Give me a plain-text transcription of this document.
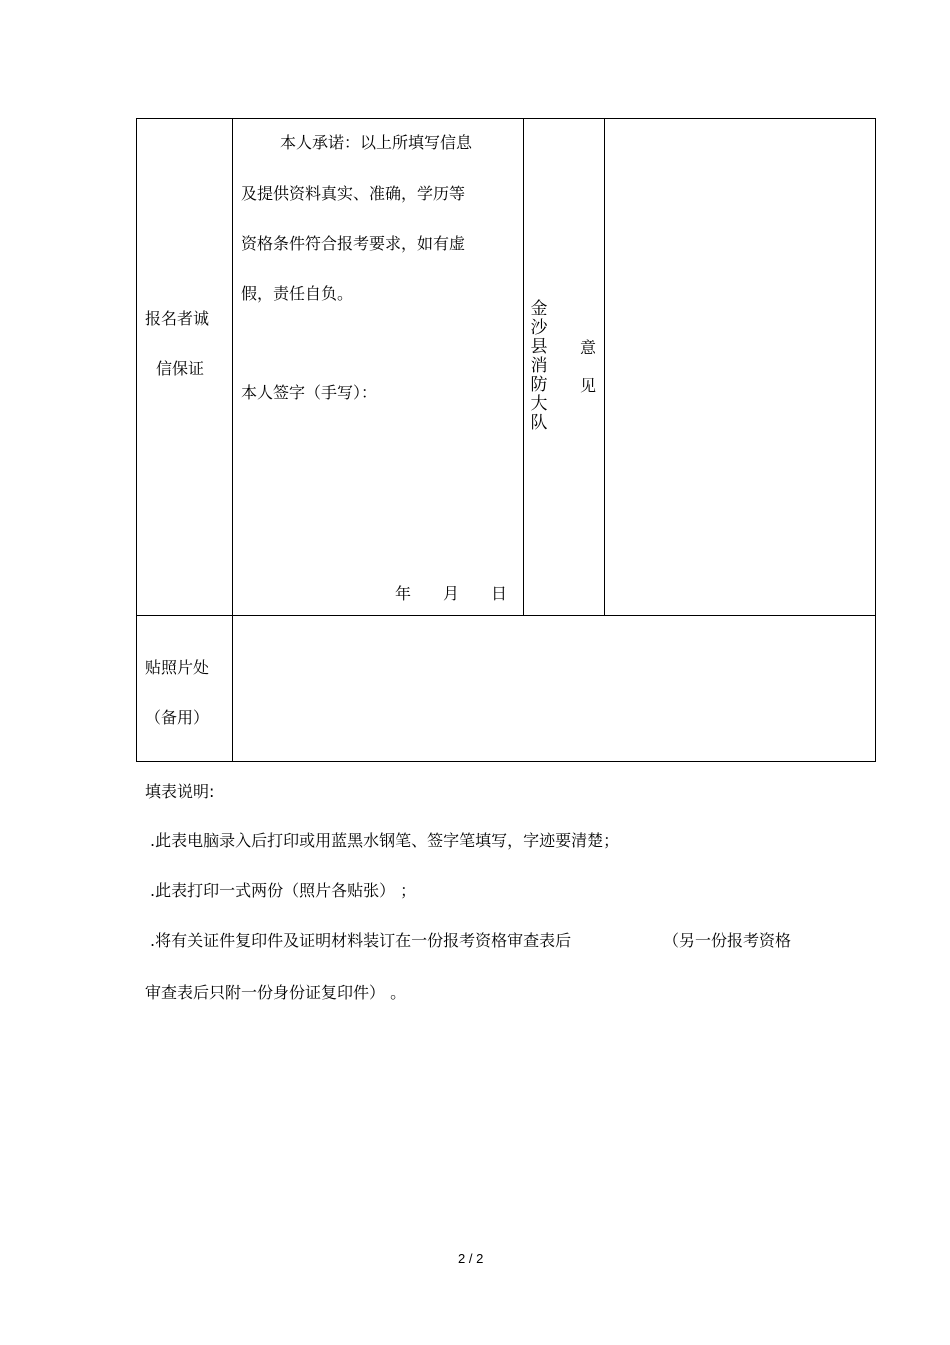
报名者诚
信保证
本人承诺：以上所填写信息
及提供资料真实、准确，学历等
资格条件符合报考要求，如有虚
假，责任自负。
本人签字（手写）：
年 月 日
金
沙
县
消
防
大
队
意
见
贴照片处
（备用）
填表说明:
.此表电脑录入后打印或用蓝黑水钢笔、签字笔填写，字迹要清楚；
.此表打印一式两份（照片各贴张） ；
.将有关证件复印件及证明材料装订在一份报考资格审查表后	（另一份报考资格
审查表后只附一份身份证复印件） 。
2 / 2
